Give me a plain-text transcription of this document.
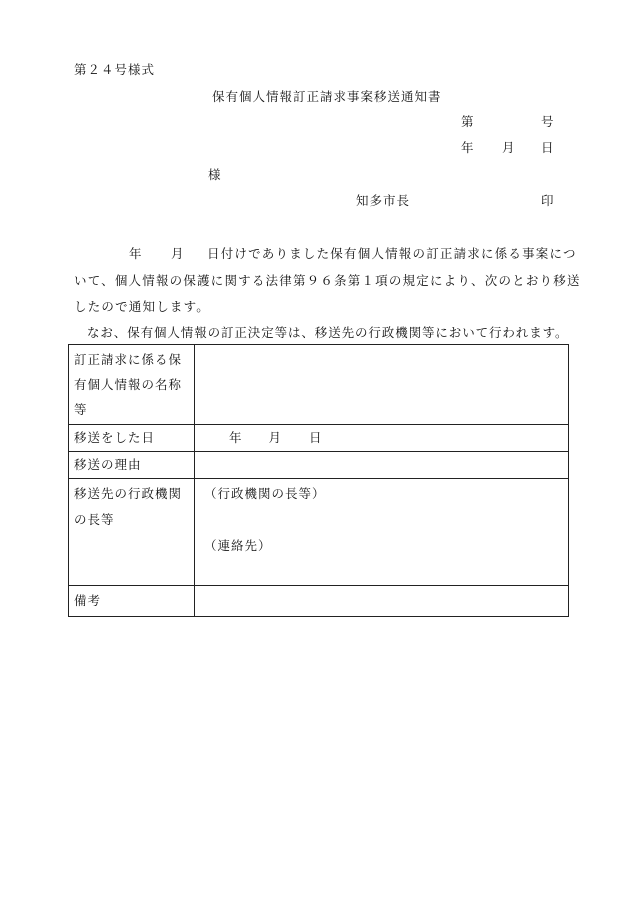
第２４号様式
保有個人情報訂正請求事案移送通知書
第	号
年 月 日
様
知多市長	印
年 月 日付けでありました保有個人情報の訂正請求に係る事案につ
いて、個人情報の保護に関する法律第９６条第１項の規定により、次のとおり移送
したので通知します。
なお、保有個人情報の訂正決定等は、移送先の行政機関等において行われます。
訂正請求に係る保有個人情報の名称等	
移送をした日	年 月 日
移送の理由	
移送先の行政機関の長等	（行政機関の長等）
（連絡先）

備考	
